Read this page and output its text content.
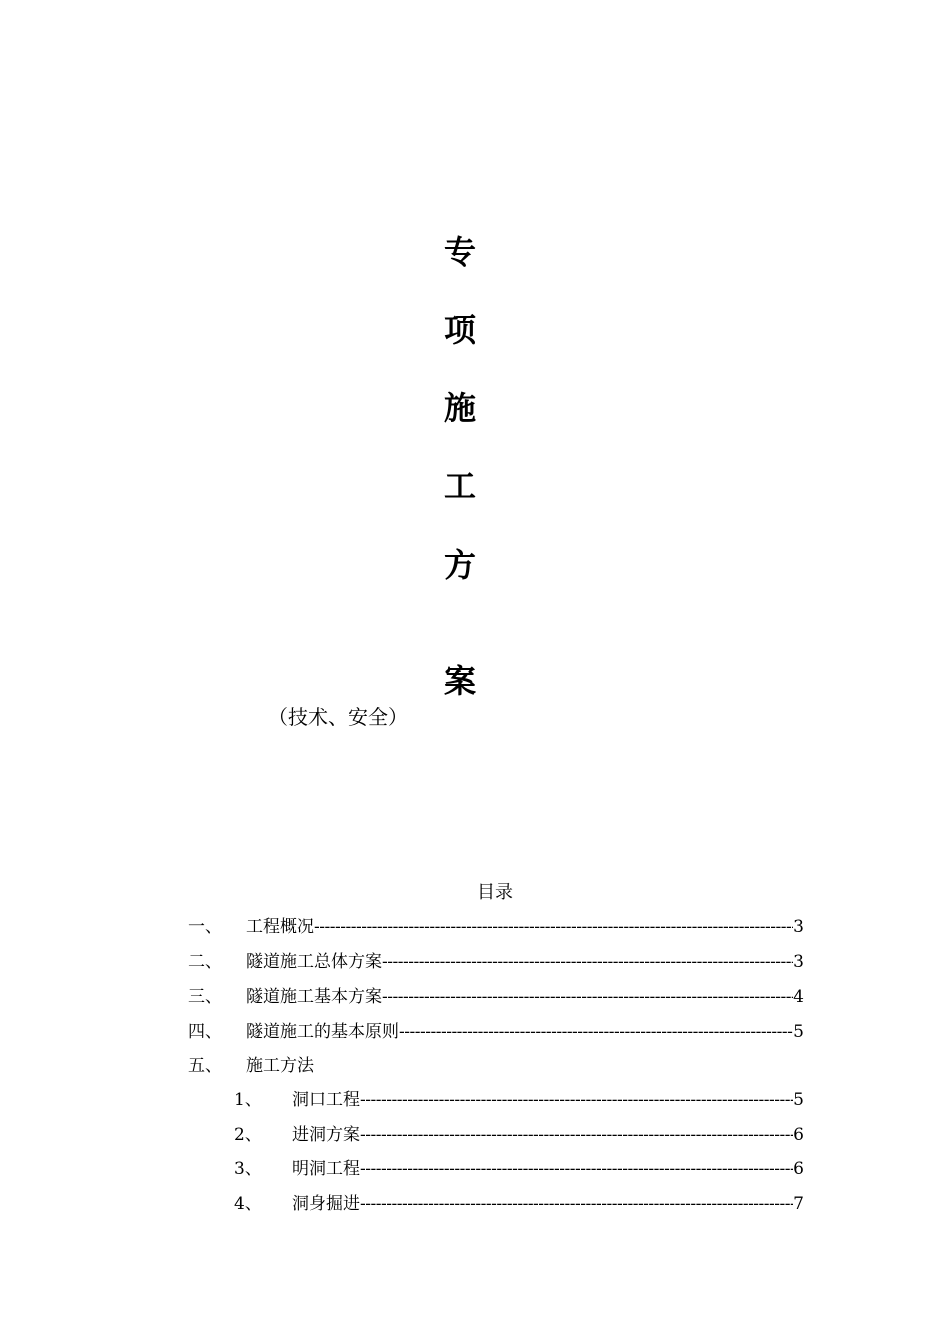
专
项
施
工
方
案
（技术、安全）
目录
一、	工程概况 -----	3
二、	隧道施工总体方案 -----	3
三、	隧道施工基本方案 -----	4
四、	隧道施工的基本原则 -----	5
五、	施工方法
1、	洞口工程 -----	5
2、	进洞方案 -----	6
3、	明洞工程 -----	6
4、	洞身掘进 -----	7
